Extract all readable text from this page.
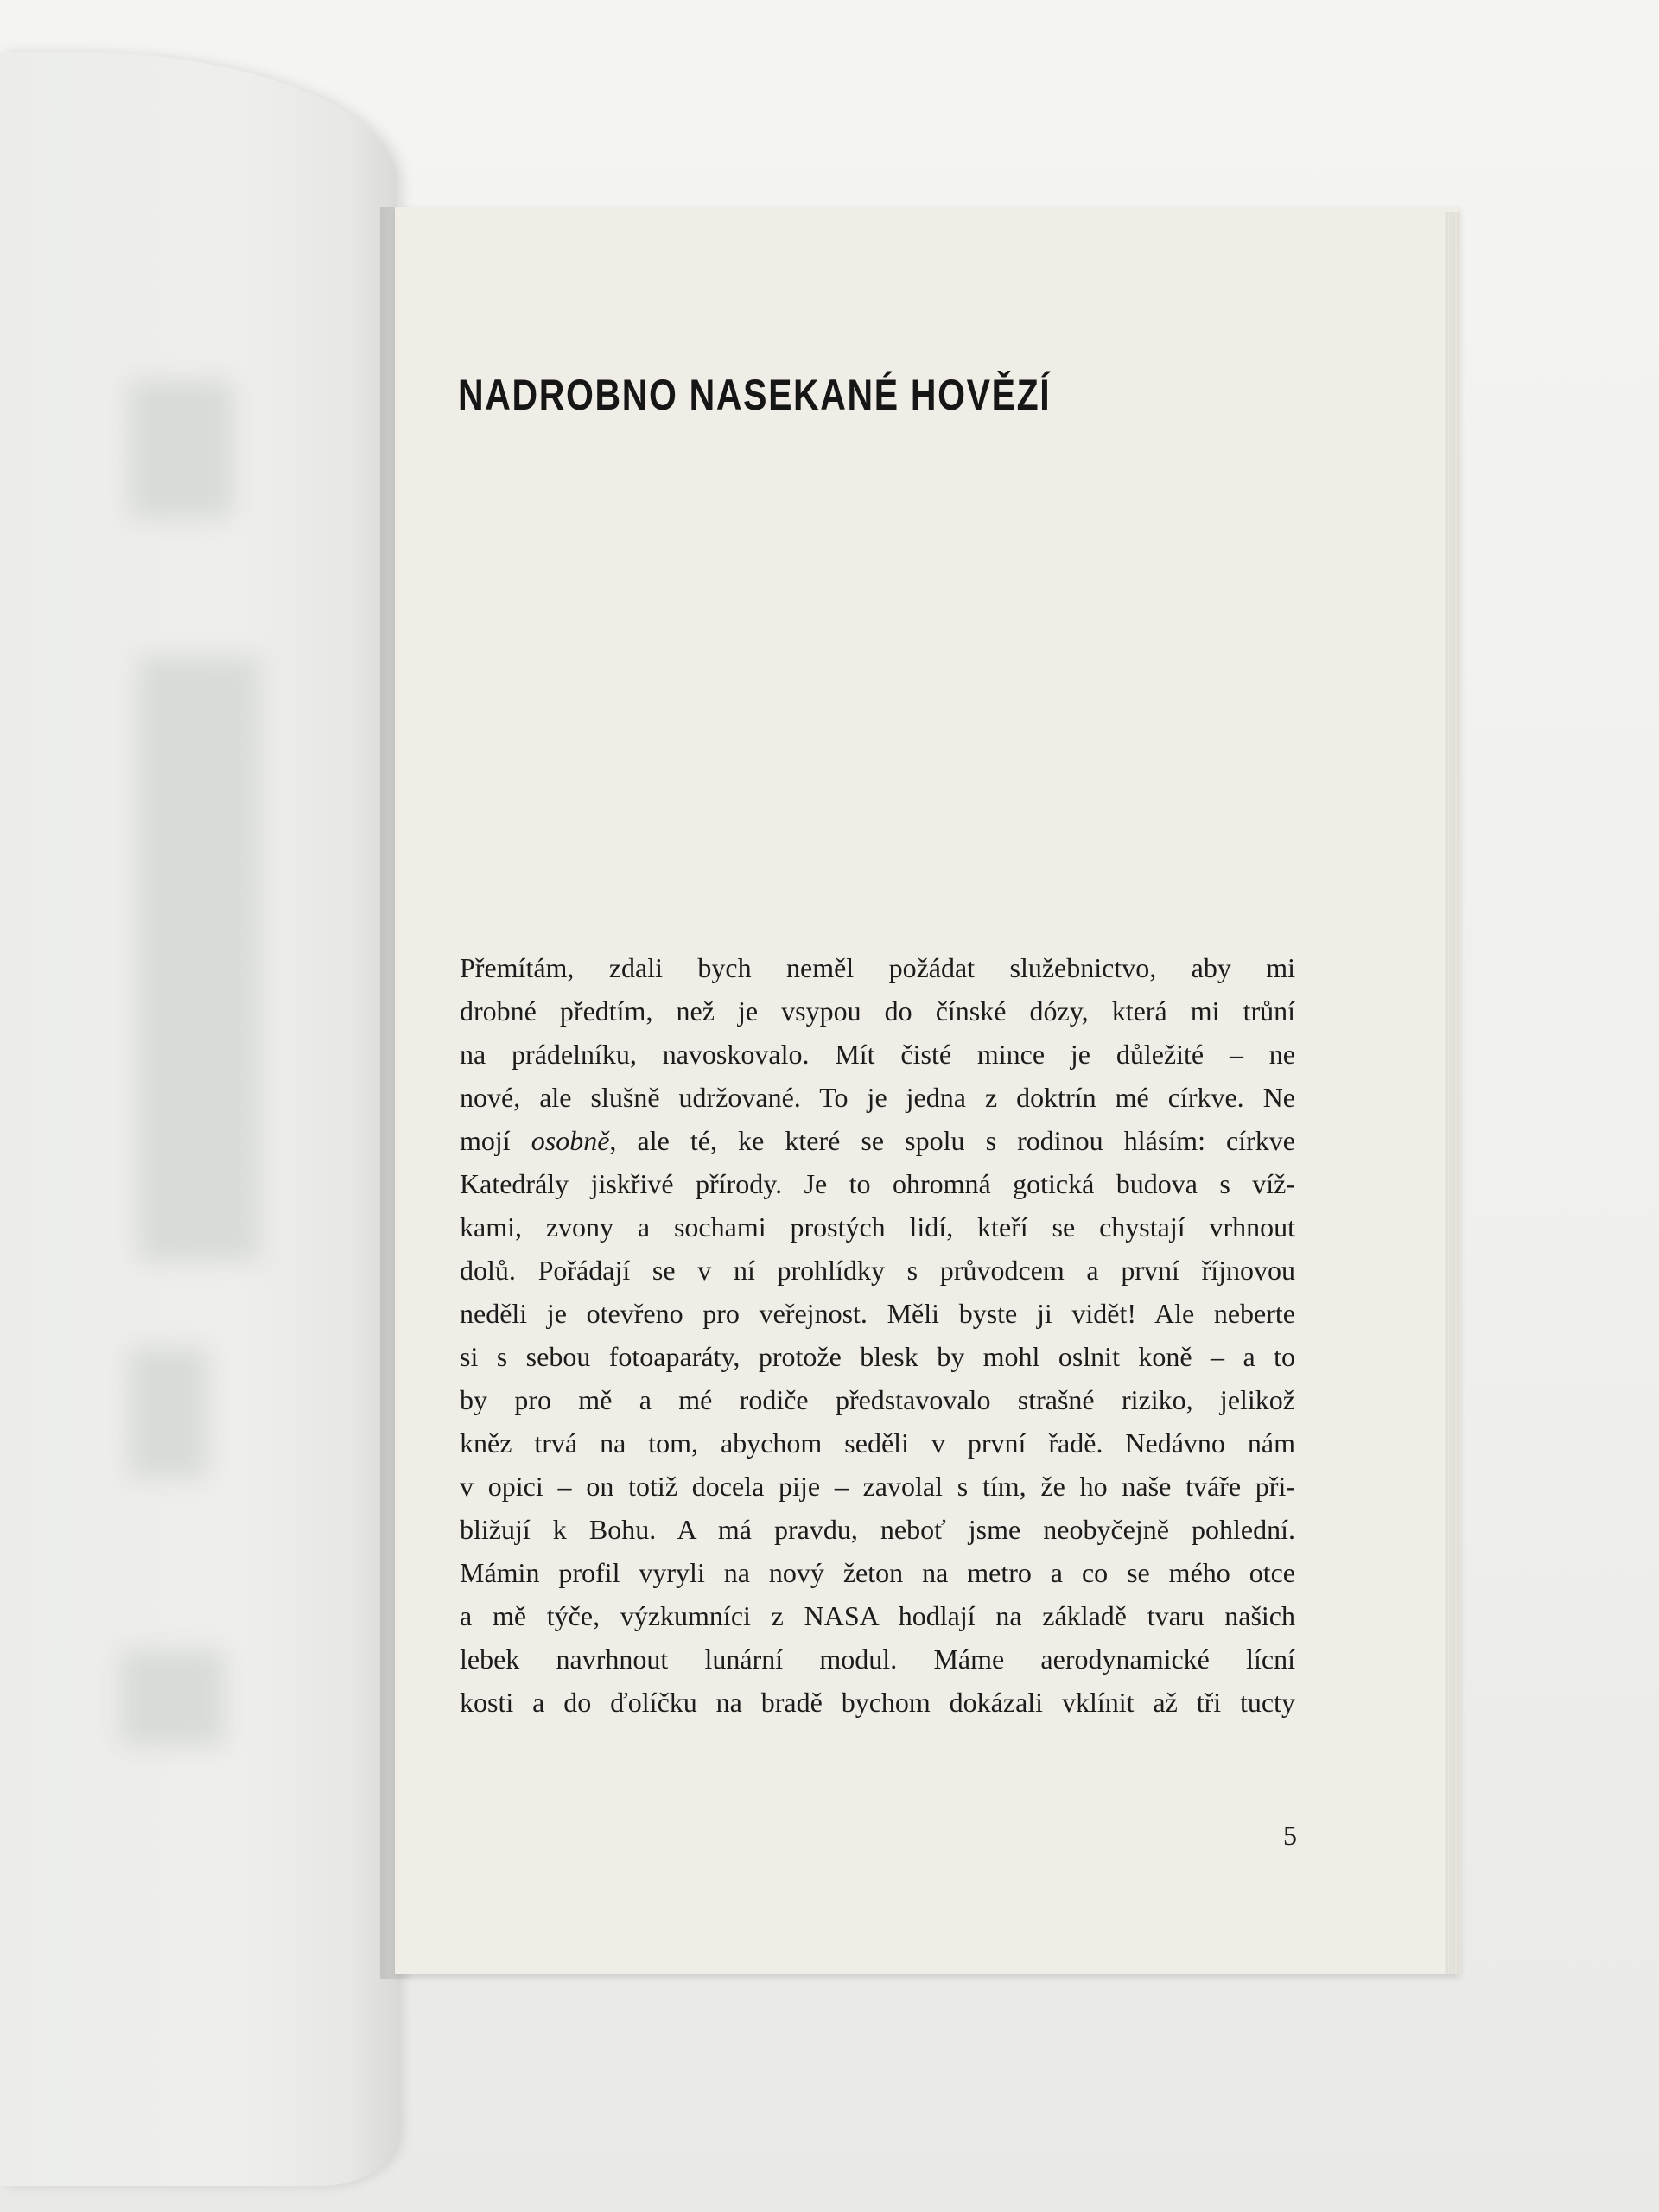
NADROBNO NASEKANÉ HOVĚZÍ
Přemítám, zdali bych neměl požádat služebnictvo, aby mi
drobné předtím, než je vsypou do čínské dózy, která mi trůní
na prádelníku, navoskovalo. Mít čisté mince je důležité – ne
nové, ale slušně udržované. To je jedna z doktrín mé církve. Ne
mojí osobně, ale té, ke které se spolu s rodinou hlásím: církve
Katedrály jiskřivé přírody. Je to ohromná gotická budova s víž-
kami, zvony a sochami prostých lidí, kteří se chystají vrhnout
dolů. Pořádají se v ní prohlídky s průvodcem a první říjnovou
neděli je otevřeno pro veřejnost. Měli byste ji vidět! Ale neberte
si s sebou fotoaparáty, protože blesk by mohl oslnit koně – a to
by pro mě a mé rodiče představovalo strašné riziko, jelikož
kněz trvá na tom, abychom seděli v první řadě. Nedávno nám
v opici – on totiž docela pije – zavolal s tím, že ho naše tváře při-
bližují k Bohu. A má pravdu, neboť jsme neobyčejně pohlední.
Mámin profil vyryli na nový žeton na metro a co se mého otce
a mě týče, výzkumníci z NASA hodlají na základě tvaru našich
lebek navrhnout lunární modul. Máme aerodynamické lícní
kosti a do ďolíčku na bradě bychom dokázali vklínit až tři tucty
5
